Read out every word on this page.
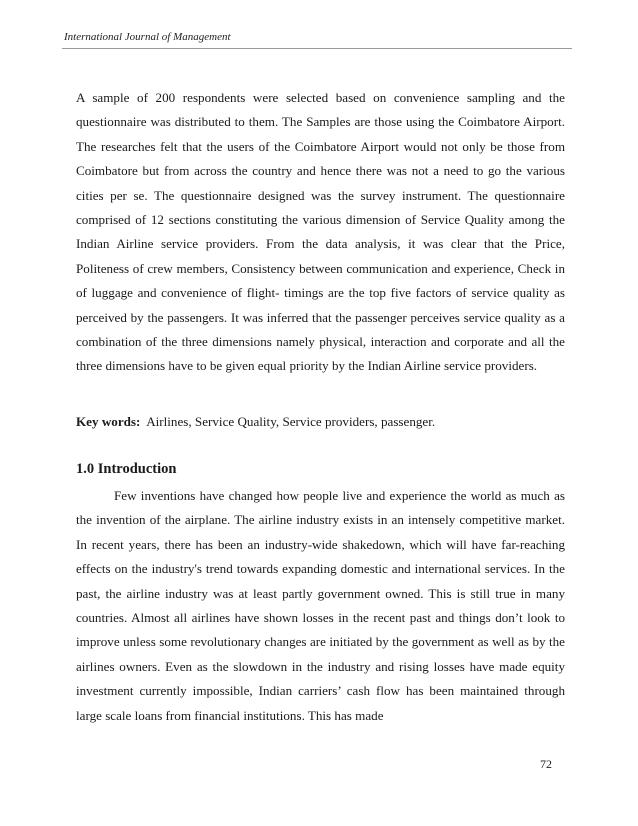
International Journal of Management

A sample of 200 respondents were selected based on convenience sampling and the questionnaire was distributed to them. The Samples are those using the Coimbatore Airport. The researches felt that the users of the Coimbatore Airport would not only be those from Coimbatore but from across the country and hence there was not a need to go the various cities per se. The questionnaire designed was the survey instrument. The questionnaire comprised of 12 sections constituting the various dimension of Service Quality among the Indian Airline service providers. From the data analysis, it was clear that the Price, Politeness of crew members, Consistency between communication and experience, Check in of luggage and convenience of flight- timings are the top five factors of service quality as perceived by the passengers. It was inferred that the passenger perceives service quality as a combination of the three dimensions namely physical, interaction and corporate and all the three dimensions have to be given equal priority by the Indian Airline service providers.

Key words: Airlines, Service Quality, Service providers, passenger.

1.0 Introduction

Few inventions have changed how people live and experience the world as much as the invention of the airplane. The airline industry exists in an intensely competitive market. In recent years, there has been an industry-wide shakedown, which will have far-reaching effects on the industry's trend towards expanding domestic and international services. In the past, the airline industry was at least partly government owned. This is still true in many countries. Almost all airlines have shown losses in the recent past and things don’t look to improve unless some revolutionary changes are initiated by the government as well as by the airlines owners. Even as the slowdown in the industry and rising losses have made equity investment currently impossible, Indian carriers’ cash flow has been maintained through large scale loans from financial institutions. This has made

72
